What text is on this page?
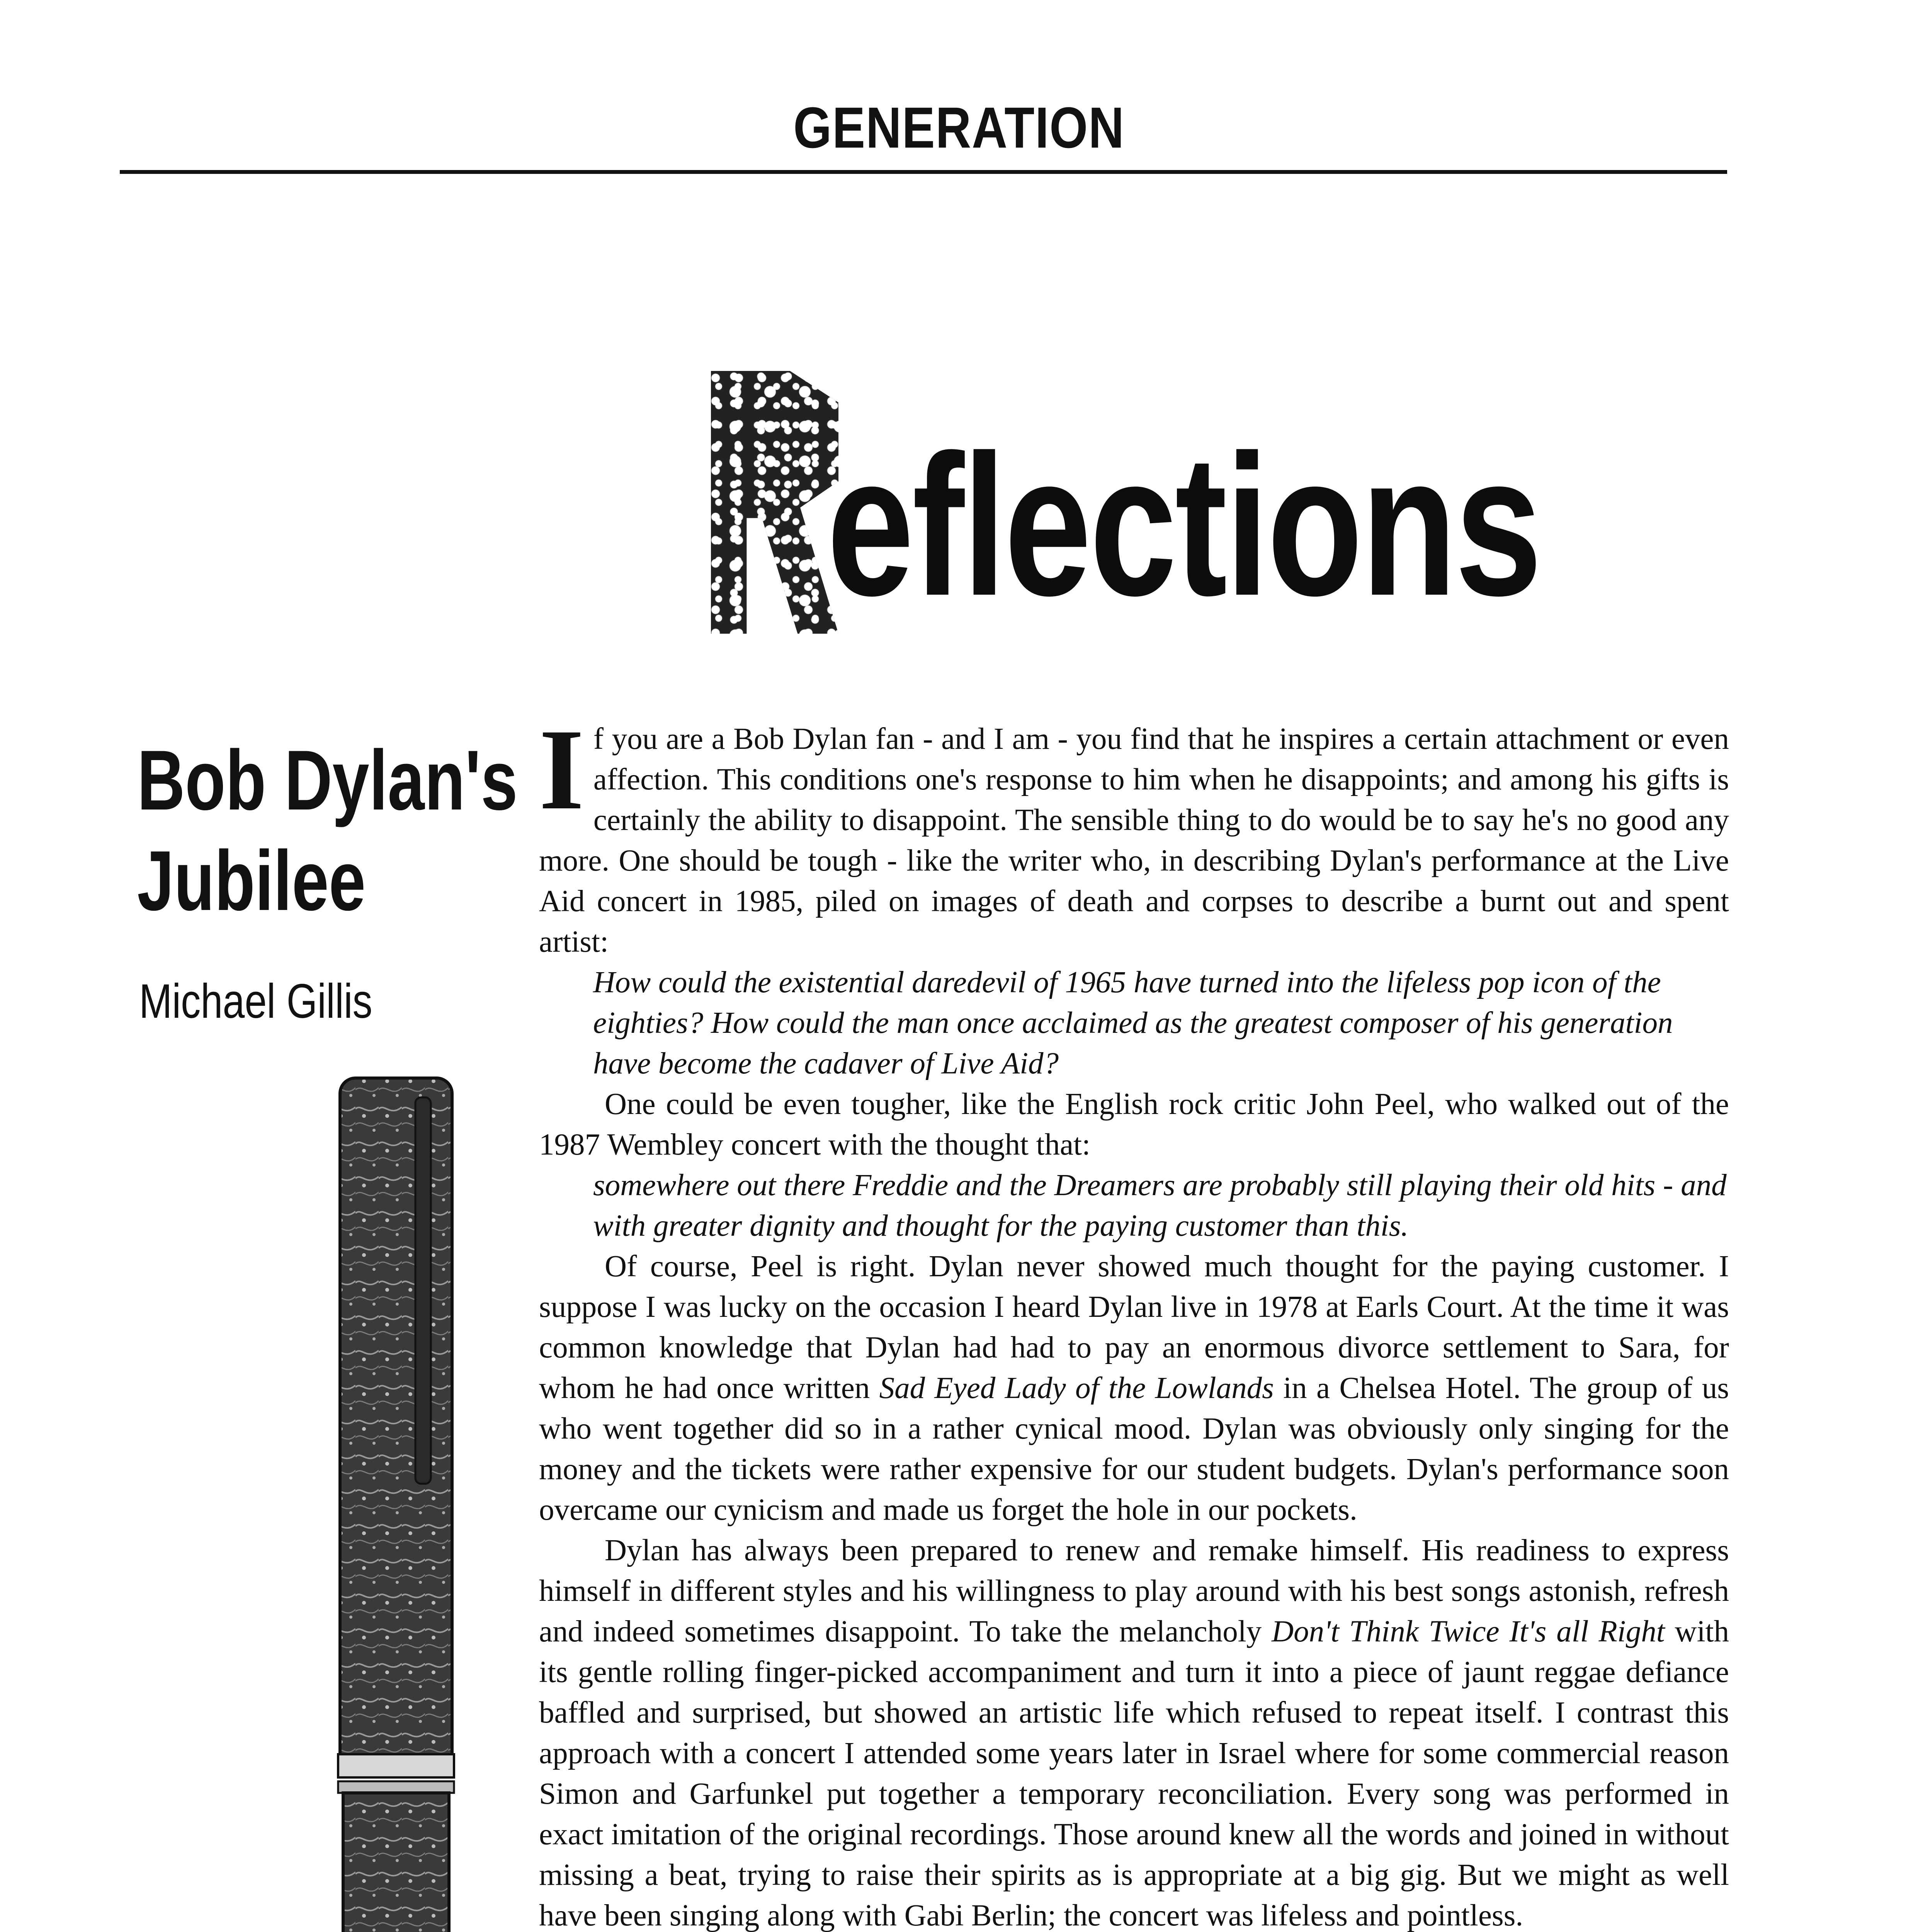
GENERATION
eflections
Bob Dylan's
Jubilee
Michael Gillis

If you are a Bob Dylan fan - and I am - you find that he inspires a certain attachment or even affection. This conditions one's response to him when he disappoints; and among his gifts is certainly the ability to disappoint. The sensible thing to do would be to say he's no good any more. One should be tough - like the writer who, in describing Dylan's performance at the Live Aid concert in 1985, piled on images of death and corpses to describe a burnt out and spent artist:

How could the existential daredevil of 1965 have turned into the lifeless pop icon of the eighties? How could the man once acclaimed as the greatest composer of his generation have become the cadaver of Live Aid?

One could be even tougher, like the English rock critic John Peel, who walked out of the 1987 Wembley concert with the thought that:

somewhere out there Freddie and the Dreamers are probably still playing their old hits - and with greater dignity and thought for the paying customer than this.

Of course, Peel is right. Dylan never showed much thought for the paying customer. I suppose I was lucky on the occasion I heard Dylan live in 1978 at Earls Court. At the time it was common knowledge that Dylan had had to pay an enormous divorce settlement to Sara, for whom he had once written Sad Eyed Lady of the Lowlands in a Chelsea Hotel. The group of us who went together did so in a rather cynical mood. Dylan was obviously only singing for the money and the tickets were rather expensive for our student budgets. Dylan's performance soon overcame our cynicism and made us forget the hole in our pockets.

Dylan has always been prepared to renew and remake himself. His readiness to express himself in different styles and his willingness to play around with his best songs astonish, refresh and indeed sometimes disappoint. To take the melancholy Don't Think Twice It's all Right with its gentle rolling finger-picked accompaniment and turn it into a piece of jaunt reggae defiance baffled and surprised, but showed an artistic life which refused to repeat itself. I contrast this approach with a concert I attended some years later in Israel where for some commercial reason Simon and Garfunkel put together a temporary reconciliation. Every song was performed in exact imitation of the original recordings. Those around knew all the words and joined in without missing a beat, trying to raise their spirits as is appropriate at a big gig. But we might as well have been singing along with Gabi Berlin; the concert was lifeless and pointless.
